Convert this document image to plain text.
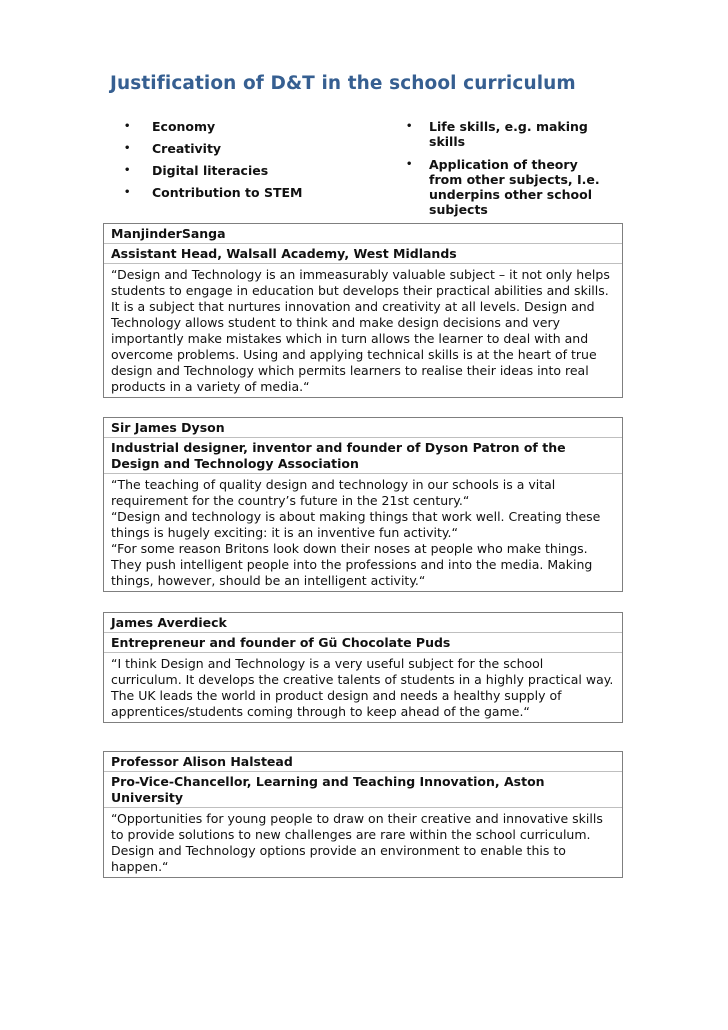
Justification of D&T in the school curriculum
•	Economy
•	Creativity
•	Digital literacies
•	Contribution to STEM
•	Life skills, e.g. making skills
•	Application of theory from other subjects, I.e. underpins other school subjects
ManjinderSanga
Assistant Head, Walsall Academy, West Midlands

“Design and Technology is an immeasurably valuable subject – it not only helps students to engage in education but develops their practical abilities and skills. It is a subject that nurtures innovation and creativity at all levels. Design and Technology allows student to think and make design decisions and very importantly make mistakes which in turn allows the learner to deal with and overcome problems. Using and applying technical skills is at the heart of true design and Technology which permits learners to realise their ideas into real products in a variety of media.“

Sir James Dyson
Industrial designer, inventor and founder of Dyson Patron of the Design and Technology Association

“The teaching of quality design and technology in our schools is a vital requirement for the country’s future in the 21st century.“

“Design and technology is about making things that work well. Creating these things is hugely exciting: it is an inventive fun activity.“

“For some reason Britons look down their noses at people who make things. They push intelligent people into the professions and into the media. Making things, however, should be an intelligent activity.“

James Averdieck
Entrepreneur and founder of Gü Chocolate Puds

“I think Design and Technology is a very useful subject for the school curriculum. It develops the creative talents of students in a highly practical way. The UK leads the world in product design and needs a healthy supply of apprentices/students coming through to keep ahead of the game.“

Professor Alison Halstead
Pro-Vice-Chancellor, Learning and Teaching Innovation, Aston University

“Opportunities for young people to draw on their creative and innovative skills to provide solutions to new challenges are rare within the school curriculum. Design and Technology options provide an environment to enable this to happen.“
